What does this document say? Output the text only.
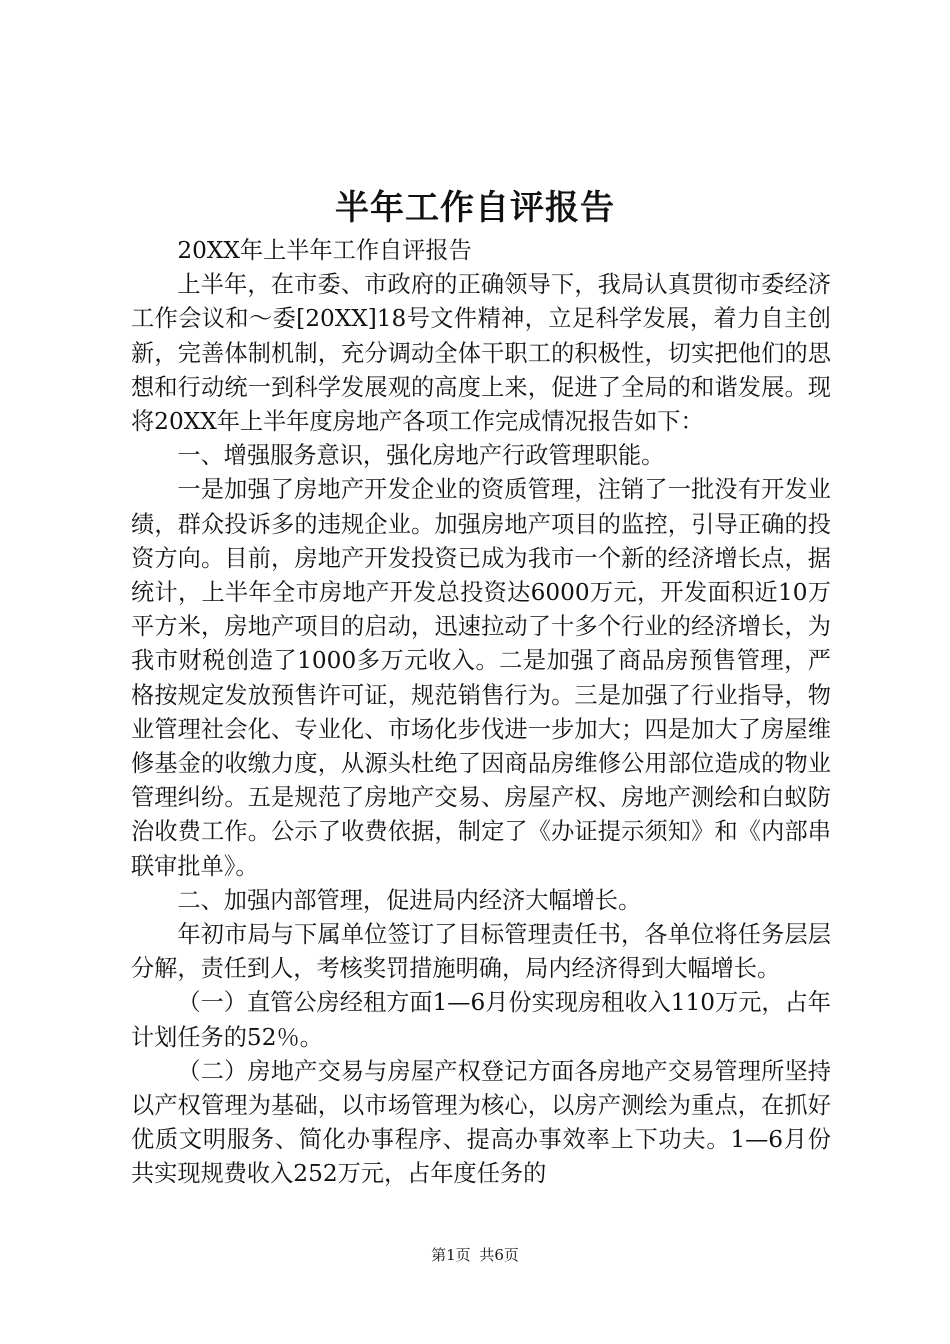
半年工作自评报告

20XX年上半年工作自评报告

上半年，在市委、市政府的正确领导下，我局认真贯彻市委经济工作会议和～委[20XX]18号文件精神，立足科学发展，着力自主创新，完善体制机制，充分调动全体干职工的积极性，切实把他们的思想和行动统一到科学发展观的高度上来，促进了全局的和谐发展。现将20XX年上半年度房地产各项工作完成情况报告如下：

一、增强服务意识，强化房地产行政管理职能。

一是加强了房地产开发企业的资质管理，注销了一批没有开发业绩，群众投诉多的违规企业。加强房地产项目的监控，引导正确的投资方向。目前，房地产开发投资已成为我市一个新的经济增长点，据统计，上半年全市房地产开发总投资达6000万元，开发面积近10万平方米，房地产项目的启动，迅速拉动了十多个行业的经济增长，为我市财税创造了1000多万元收入。二是加强了商品房预售管理，严格按规定发放预售许可证，规范销售行为。三是加强了行业指导，物业管理社会化、专业化、市场化步伐进一步加大；四是加大了房屋维修基金的收缴力度，从源头杜绝了因商品房维修公用部位造成的物业管理纠纷。五是规范了房地产交易、房屋产权、房地产测绘和白蚁防治收费工作。公示了收费依据，制定了《办证提示须知》和《内部串联审批单》。

二、加强内部管理，促进局内经济大幅增长。

年初市局与下属单位签订了目标管理责任书，各单位将任务层层分解，责任到人，考核奖罚措施明确，局内经济得到大幅增长。

（一）直管公房经租方面1—6月份实现房租收入110万元，占年计划任务的52％。

（二）房地产交易与房屋产权登记方面各房地产交易管理所坚持以产权管理为基础，以市场管理为核心，以房产测绘为重点，在抓好优质文明服务、简化办事程序、提高办事效率上下功夫。1—6月份共实现规费收入252万元，占年度任务的

第1页 共6页
